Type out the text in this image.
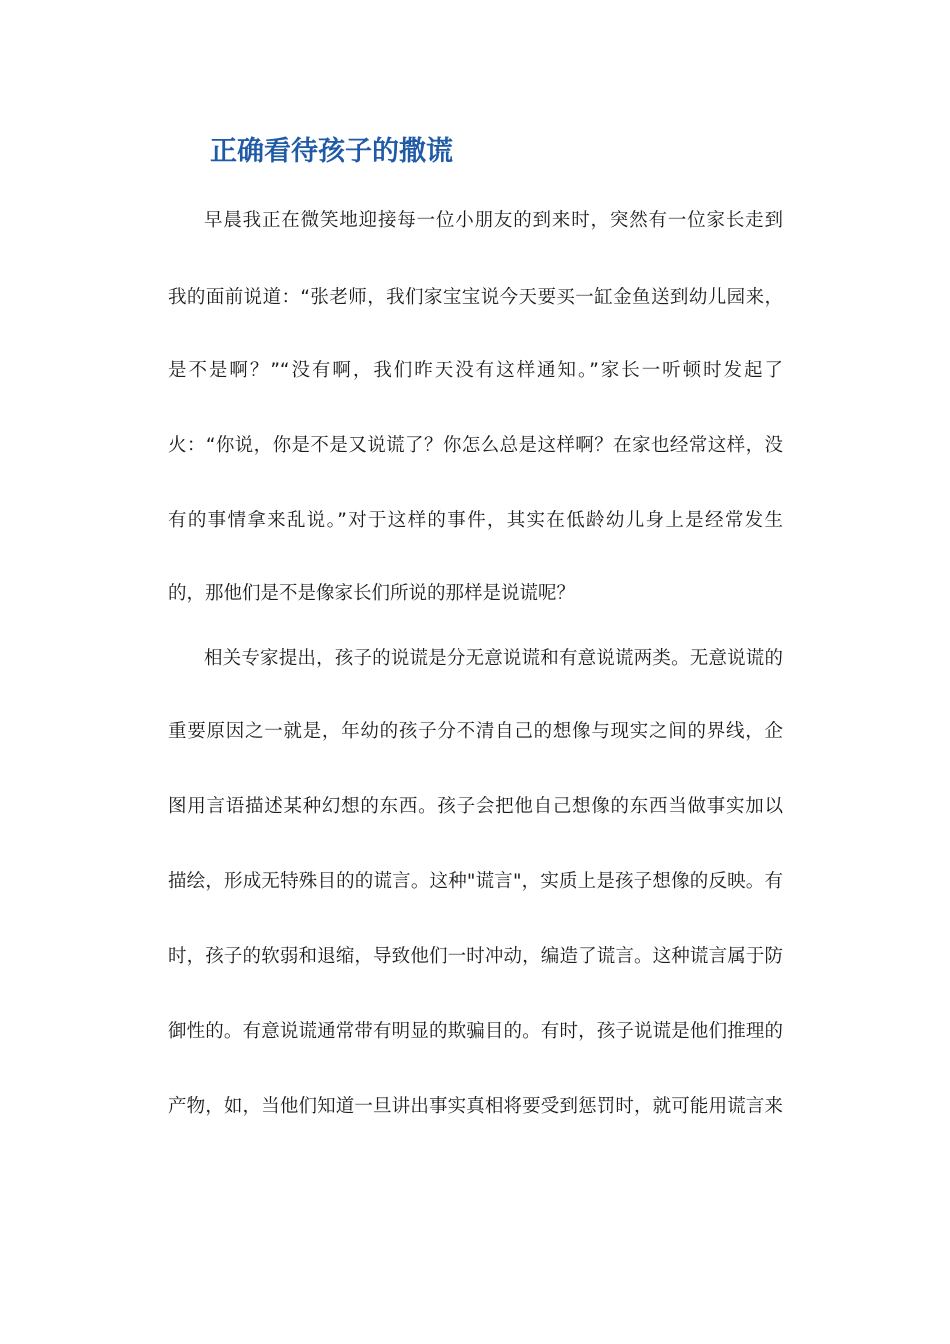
正确看待孩子的撒谎

早晨我正在微笑地迎接每一位小朋友的到来时，突然有一位家长走到

我的面前说道：“张老师，我们家宝宝说今天要买一缸金鱼送到幼儿园来，

是不是啊？”“没有啊，我们昨天没有这样通知。”家长一听顿时发起了

火：“你说，你是不是又说谎了？你怎么总是这样啊？在家也经常这样，没

有的事情拿来乱说。”对于这样的事件，其实在低龄幼儿身上是经常发生

的，那他们是不是像家长们所说的那样是说谎呢？

相关专家提出，孩子的说谎是分无意说谎和有意说谎两类。无意说谎的

重要原因之一就是，年幼的孩子分不清自己的想像与现实之间的界线，企

图用言语描述某种幻想的东西。孩子会把他自己想像的东西当做事实加以

描绘，形成无特殊目的的谎言。这种"谎言"，实质上是孩子想像的反映。有

时，孩子的软弱和退缩，导致他们一时冲动，编造了谎言。这种谎言属于防

御性的。有意说谎通常带有明显的欺骗目的。有时，孩子说谎是他们推理的

产物，如，当他们知道一旦讲出事实真相将要受到惩罚时，就可能用谎言来
